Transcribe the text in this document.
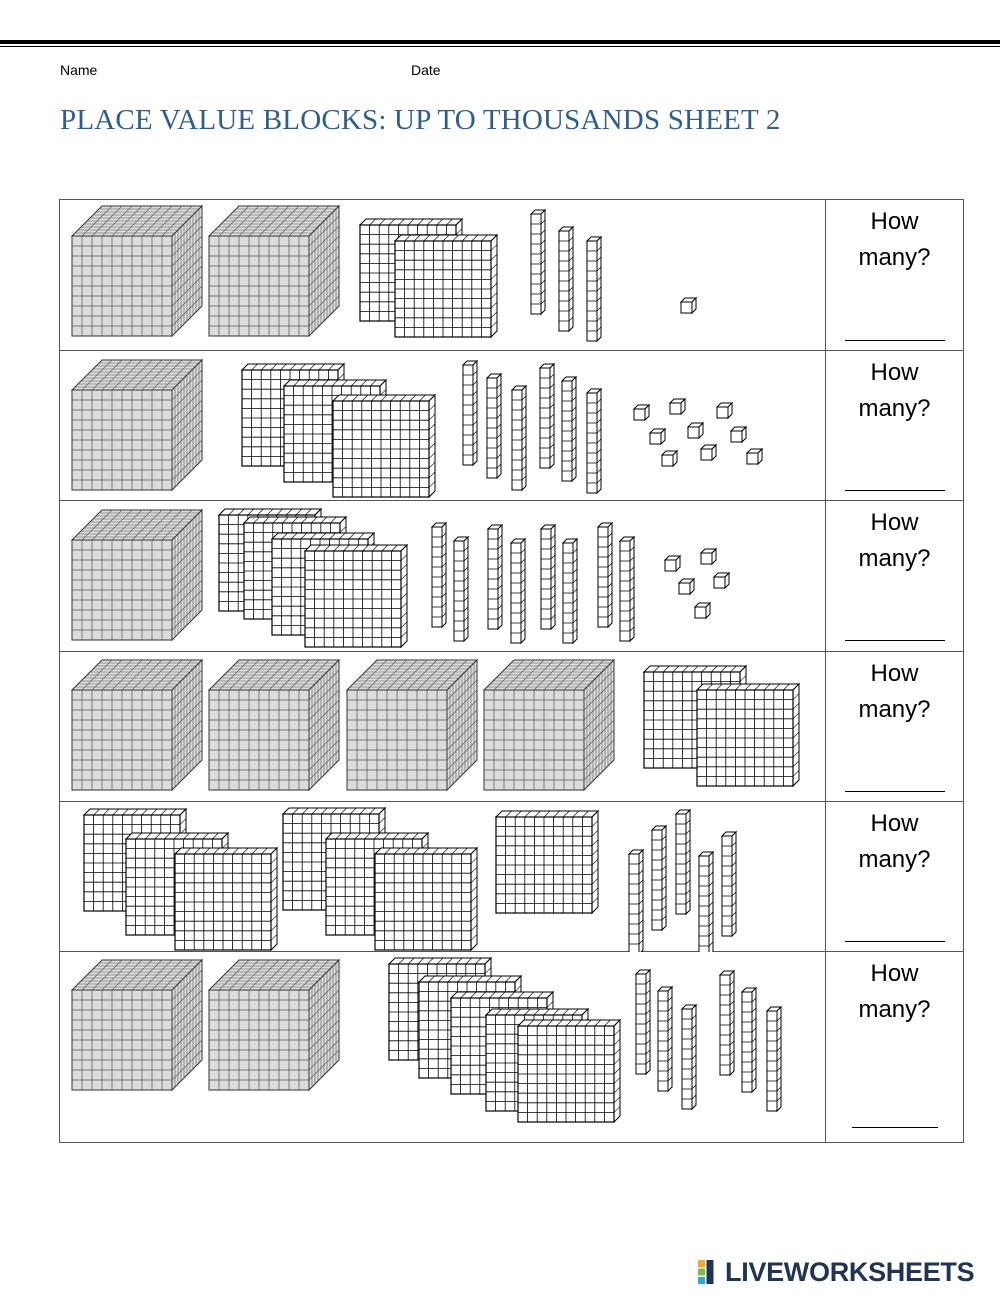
Name	Date
PLACE VALUE BLOCKS: UP TO THOUSANDS SHEET 2
How
many?
How
many?
How
many?
How
many?
How
many?
How
many?
LIVEWORKSHEETS
